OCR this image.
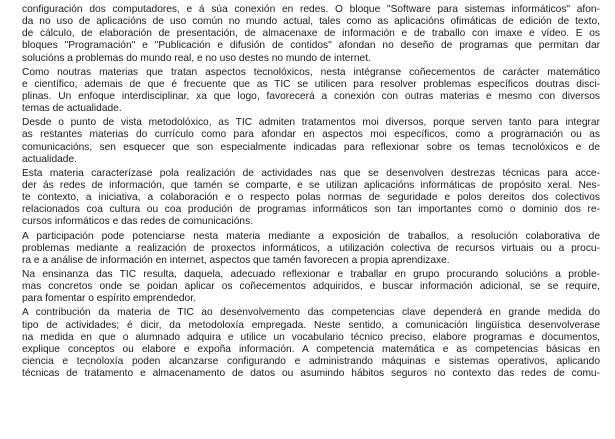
configuración dos computadores, e á súa conexión en redes. O bloque "Software para sistemas informáticos" afon-
da no uso de aplicacións de uso común no mundo actual, tales como as aplicacións ofimáticas de edición de texto,
de cálculo, de elaboración de presentación, de almacenaxe de información e de traballo con imaxe e vídeo. E os
bloques "Programación" e "Publicación e difusión de contidos" afondan no deseño de programas que permitan dar
solucións a problemas do mundo real, e no uso destes no mundo de internet.

Como noutras materias que tratan aspectos tecnolóxicos, nesta intégranse coñecementos de carácter matemático
e científico, ademais de que é frecuente que as TIC se utilicen para resolver problemas específicos doutras disci-
plinas. Un enfoque interdisciplinar, xa que logo, favorecerá a conexión con outras materias e mesmo con diversos
temas de actualidade.

Desde o punto de vista metodolóxico, as TIC admiten tratamentos moi diversos, porque serven tanto para integrar
as restantes materias do currículo como para afondar en aspectos moi específicos, como a programación ou as
comunicacións, sen esquecer que son especialmente indicadas para reflexionar sobre os temas tecnolóxicos e de
actualidade.

Esta materia caracterízase pola realización de actividades nas que se desenvolven destrezas técnicas para acce-
der ás redes de información, que tamén se comparte, e se utilizan aplicacións informáticas de propósito xeral. Nes-
te contexto, a iniciativa, a colaboración e o respecto polas normas de seguridade e polos dereitos dos colectivos
relacionados coa cultura ou coa produción de programas informáticos son tan importantes como o dominio dos re-
cursos informáticos e das redes de comunicacións.

A participación pode potenciarse nesta materia mediante a exposición de traballos, a resolución colaborativa de
problemas mediante a realización de proxectos informáticos, a utilización colectiva de recursos virtuais ou a procu-
ra e a análise de información en internet, aspectos que tamén favorecen a propia aprendizaxe.

Na ensinanza das TIC resulta, daquela, adecuado reflexionar e traballar en grupo procurando solucións a proble-
mas concretos onde se poidan aplicar os coñecementos adquiridos, e buscar información adicional, se se require,
para fomentar o espírito emprendedor.

A contribución da materia de TIC ao desenvolvemento das competencias clave dependerá en grande medida do
tipo de actividades; é dicir, da metodoloxía empregada. Neste sentido, a comunicación lingüística desenvolverase
na medida en que o alumnado adquira e utilice un vocabulario técnico preciso, elabore programas e documentos,
explique conceptos ou elabore e expoña información. A competencia matemática e as competencias básicas en
ciencia e tecnoloxía poden alcanzarse configurando e administrando máquinas e sistemas operativos, aplicando
técnicas de tratamento e almacenamento de datos ou asumindo hábitos seguros no contexto das redes de comu-
